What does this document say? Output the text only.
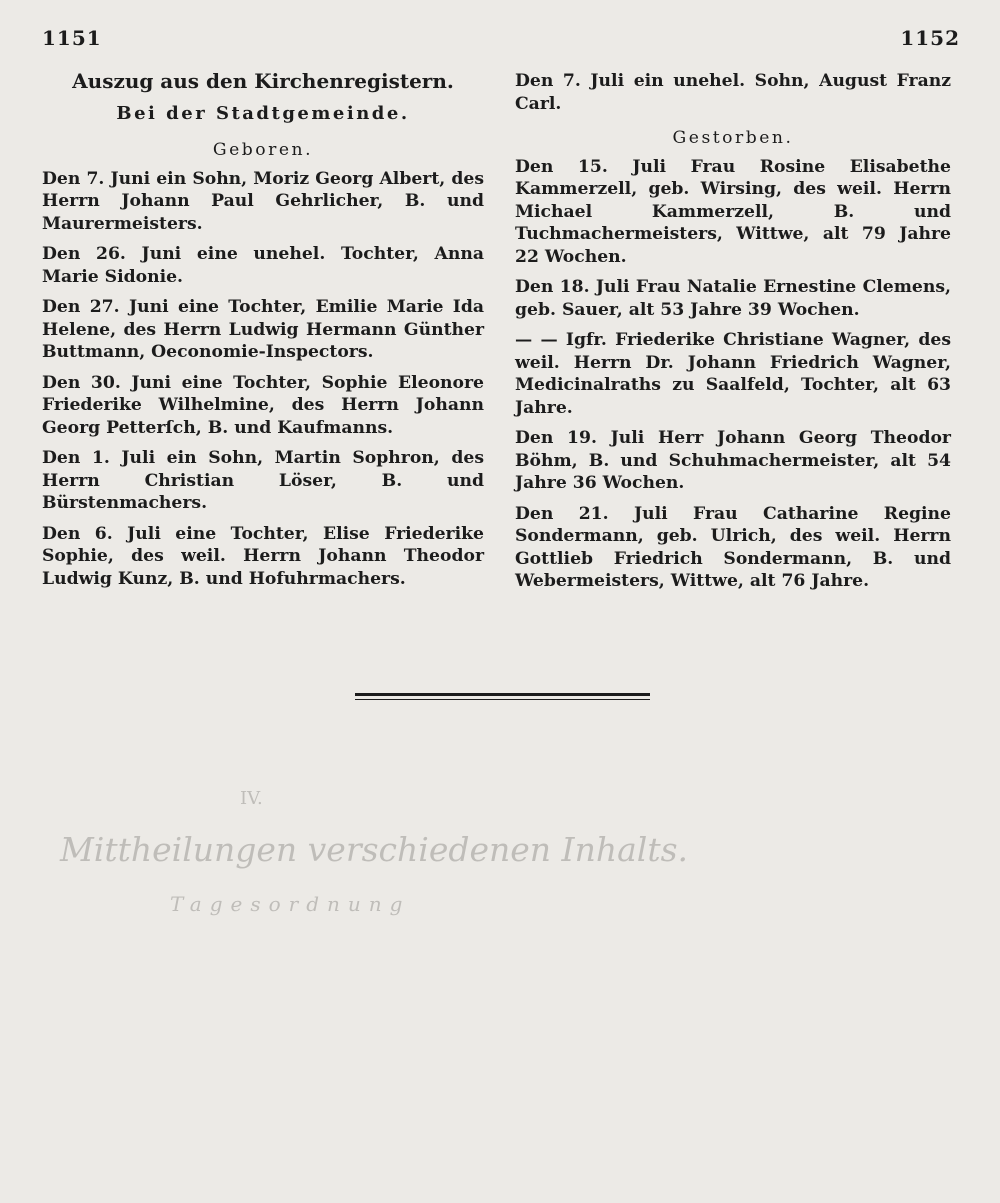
1151	1152
IV.
Mittheilungen verschiedenen Inhalts.
Tagesordnung
Auszug aus den Kirchenregistern.
Bei der Stadtgemeinde.
Geboren.

Den 7. Juni ein Sohn, Moriz Georg Albert, des Herrn Johann Paul Gehrlicher, B. und Maurermeisters.

Den 26. Juni eine unehel. Tochter, Anna Marie Sidonie.

Den 27. Juni eine Tochter, Emilie Marie Ida Helene, des Herrn Ludwig Hermann Günther Buttmann, Oeconomie-Inspectors.

Den 30. Juni eine Tochter, Sophie Eleonore Friederike Wilhelmine, des Herrn Johann Georg Petterſch, B. und Kaufmanns.

Den 1. Juli ein Sohn, Martin Sophron, des Herrn Christian Löser, B. und Bürstenmachers.

Den 6. Juli eine Tochter, Elise Friederike Sophie, des weil. Herrn Johann Theodor Ludwig Kunz, B. und Hofuhrmachers.

Den 7. Juli ein unehel. Sohn, August Franz Carl.

Gestorben.

Den 15. Juli Frau Rosine Elisabethe Kammerzell, geb. Wirsing, des weil. Herrn Michael Kammerzell, B. und Tuchmachermeisters, Wittwe, alt 79 Jahre 22 Wochen.

Den 18. Juli Frau Natalie Ernestine Clemens, geb. Sauer, alt 53 Jahre 39 Wochen.

— — Igfr. Friederike Christiane Wagner, des weil. Herrn Dr. Johann Friedrich Wagner, Medicinalraths zu Saalfeld, Tochter, alt 63 Jahre.

Den 19. Juli Herr Johann Georg Theodor Böhm, B. und Schuhmachermeister, alt 54 Jahre 36 Wochen.

Den 21. Juli Frau Catharine Regine Sondermann, geb. Ulrich, des weil. Herrn Gottlieb Friedrich Sondermann, B. und Webermeisters, Wittwe, alt 76 Jahre.
